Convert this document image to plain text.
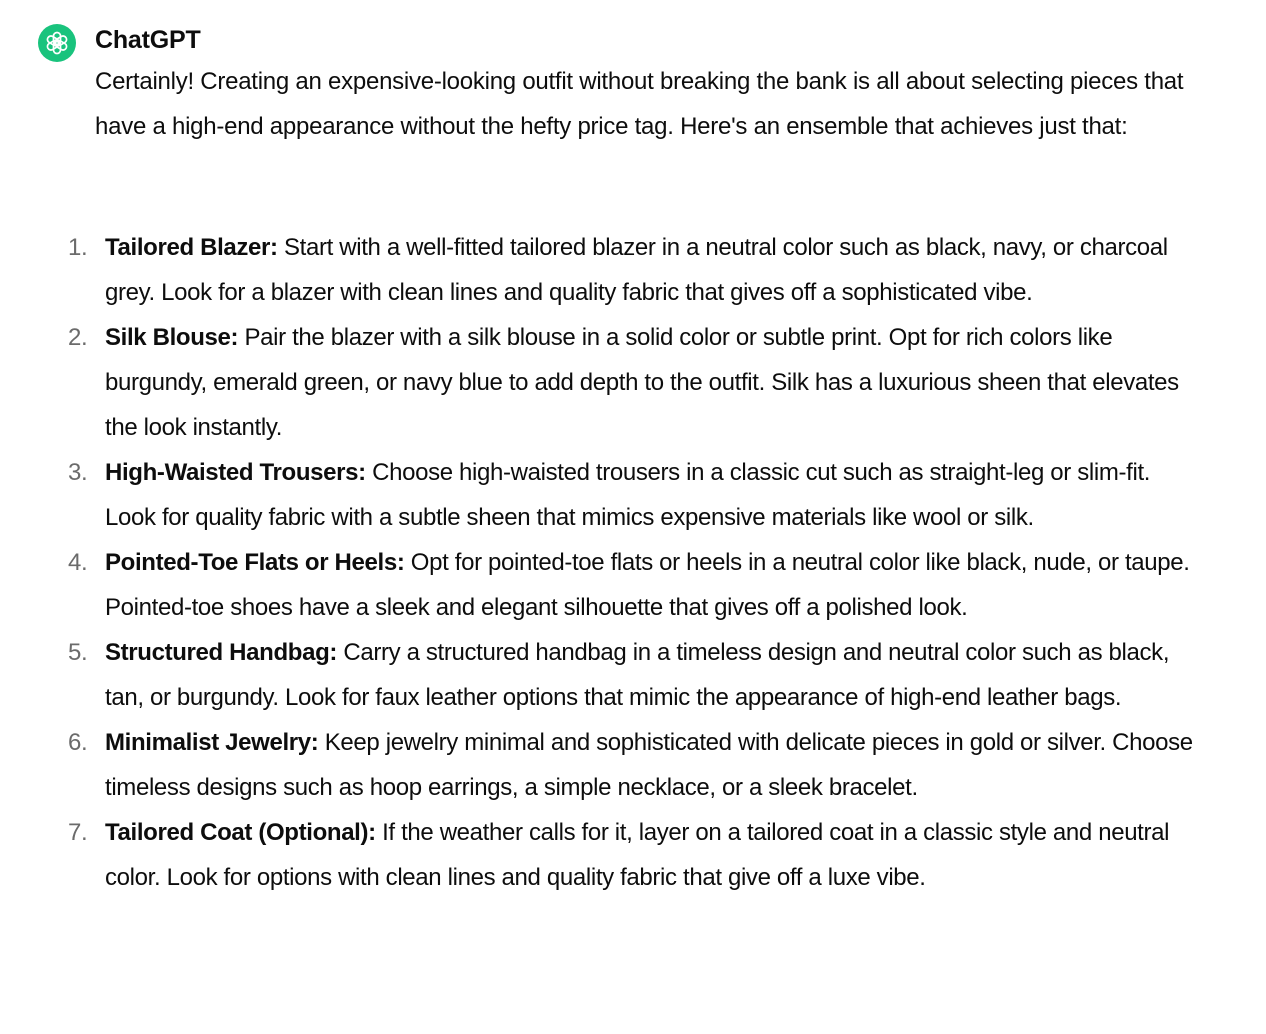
ChatGPT

Certainly! Creating an expensive-looking outfit without breaking the bank is all about selecting pieces that have a high-end appearance without the hefty price tag. Here's an ensemble that achieves just that:

1. Tailored Blazer: Start with a well-fitted tailored blazer in a neutral color such as black, navy, or charcoal grey. Look for a blazer with clean lines and quality fabric that gives off a sophisticated vibe.
2. Silk Blouse: Pair the blazer with a silk blouse in a solid color or subtle print. Opt for rich colors like burgundy, emerald green, or navy blue to add depth to the outfit. Silk has a luxurious sheen that elevates the look instantly.
3. High-Waisted Trousers: Choose high-waisted trousers in a classic cut such as straight-leg or slim-fit. Look for quality fabric with a subtle sheen that mimics expensive materials like wool or silk.
4. Pointed-Toe Flats or Heels: Opt for pointed-toe flats or heels in a neutral color like black, nude, or taupe. Pointed-toe shoes have a sleek and elegant silhouette that gives off a polished look.
5. Structured Handbag: Carry a structured handbag in a timeless design and neutral color such as black, tan, or burgundy. Look for faux leather options that mimic the appearance of high-end leather bags.
6. Minimalist Jewelry: Keep jewelry minimal and sophisticated with delicate pieces in gold or silver. Choose timeless designs such as hoop earrings, a simple necklace, or a sleek bracelet.
7. Tailored Coat (Optional): If the weather calls for it, layer on a tailored coat in a classic style and neutral color. Look for options with clean lines and quality fabric that give off a luxe vibe.
